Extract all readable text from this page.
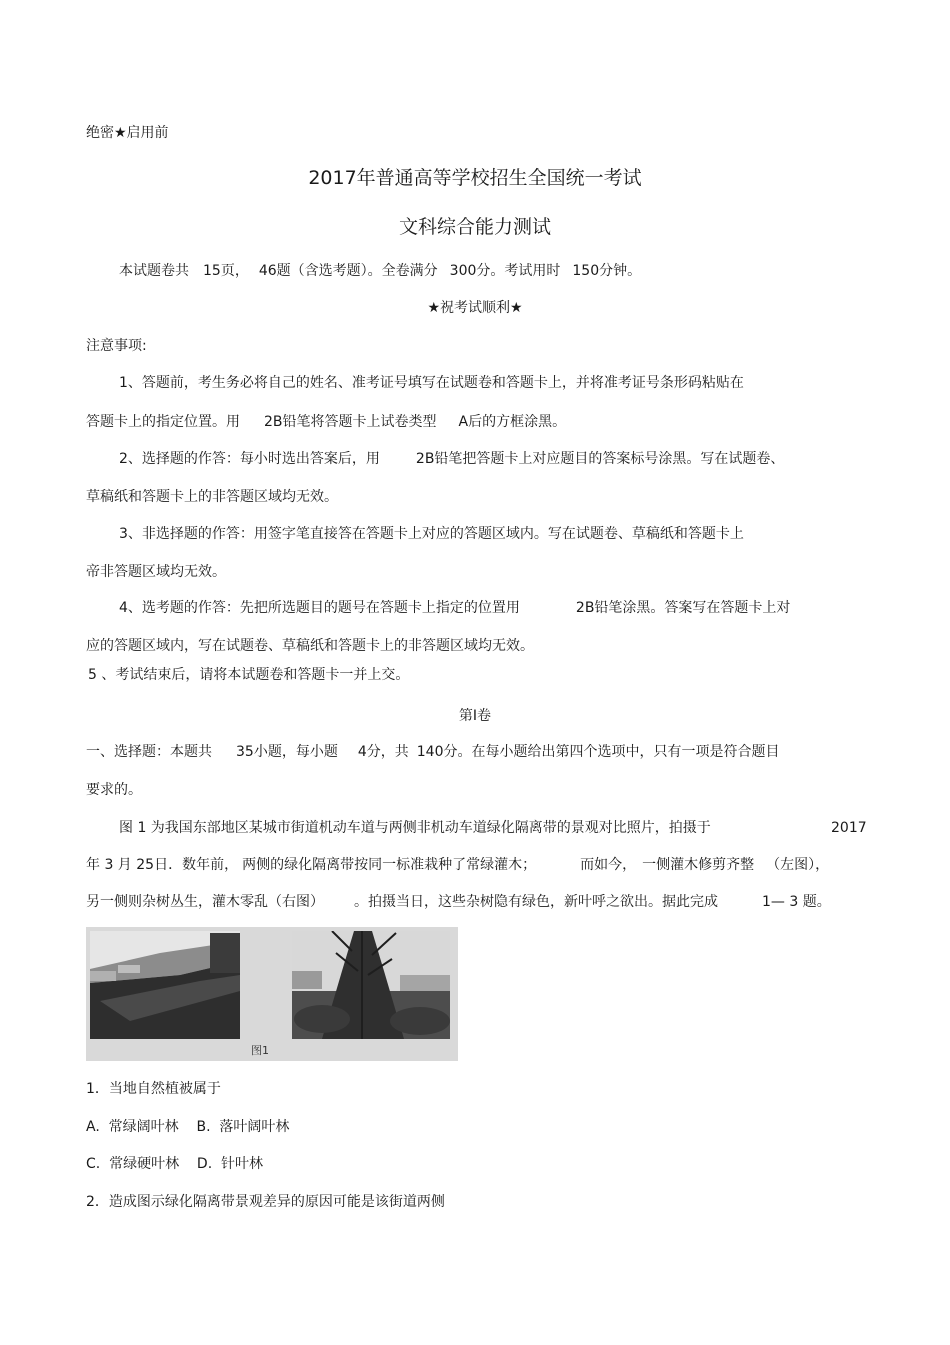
绝密★启用前
2017年普通高等学校招生全国统一考试
文科综合能力测试
本试题卷共 15页， 46题（含选考题）。全卷满分 300分。考试用时 150分钟。
★祝考试顺利★
注意事项:
1、答题前，考生务必将自己的姓名、准考证号填写在试题卷和答题卡上，并将准考证号条形码粘贴在
答题卡上的指定位置。用 2B铅笔将答题卡上试卷类型 A后的方框涂黑。
2、选择题的作答：每小时选出答案后，用	2B铅笔把答题卡上对应题目的答案标号涂黑。写在试题卷、
草稿纸和答题卡上的非答题区域均无效。
3、非选择题的作答：用签字笔直接答在答题卡上对应的答题区域内。写在试题卷、草稿纸和答题卡上
帝非答题区域均无效。
4、选考题的作答：先把所选题目的题号在答题卡上指定的位置用	2B铅笔涂黑。答案写在答题卡上对
应的答题区域内，写在试题卷、草稿纸和答题卡上的非答题区域均无效。
5 、考试结束后，请将本试题卷和答题卡一并上交。
第Ⅰ卷
一、选择题：本题共 35小题，每小题 4分，共 140分。在每小题给出第四个选项中，只有一项是符合题目
要求的。
图 1 为我国东部地区某城市街道机动车道与两侧非机动车道绿化隔离带的景观对比照片，拍摄于	2017
年 3 月 25日．数年前， 两侧的绿化隔离带按同一标准栽种了常绿灌木；	而如今， 一侧灌木修剪齐整 （左图），
另一侧则杂树丛生，灌木零乱（右图） 。拍摄当日，这些杂树隐有绿色，新叶呼之欲出。据此完成	1— 3 题。
图1
1．当地自然植被属于
A.  常绿阔叶林    B.  落叶阔叶林
C.  常绿硬叶林    D.  针叶林
2．造成图示绿化隔离带景观差异的原因可能是该街道两侧
